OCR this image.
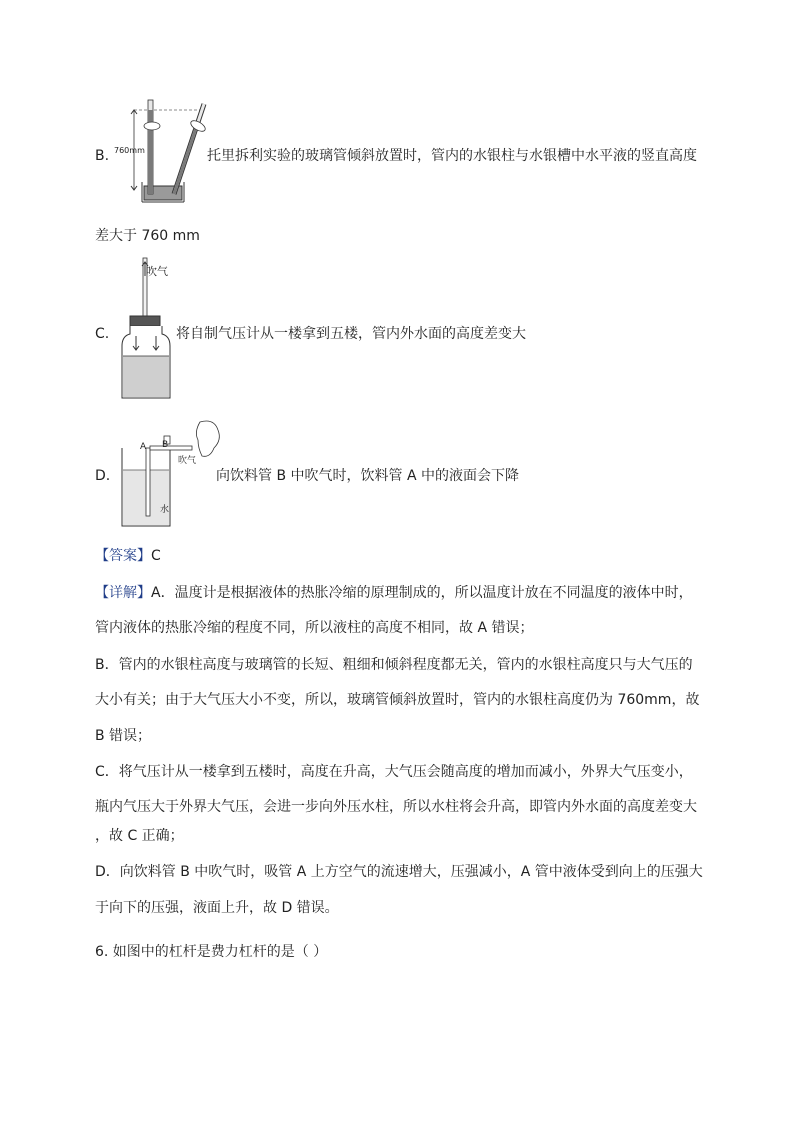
B. 760mm	托里拆利实验的玻璃管倾斜放置时，管内的水银柱与水银槽中水平液的竖直高度
差大于 760 mm
C.
吹气
将自制气压计从一楼拿到五楼，管内外水面的高度差变大
D.
A B
吹气
水
向饮料管 B 中吹气时，饮料管 A 中的液面会下降
【答案】C
【详解】A．温度计是根据液体的热胀冷缩的原理制成的，所以温度计放在不同温度的液体中时，
管内液体的热胀冷缩的程度不同，所以液柱的高度不相同，故 A 错误；
B．管内的水银柱高度与玻璃管的长短、粗细和倾斜程度都无关，管内的水银柱高度只与大气压的
大小有关；由于大气压大小不变，所以，玻璃管倾斜放置时，管内的水银柱高度仍为 760mm，故
B 错误；
C．将气压计从一楼拿到五楼时，高度在升高，大气压会随高度的增加而减小，外界大气压变小，
瓶内气压大于外界大气压，会进一步向外压水柱，所以水柱将会升高，即管内外水面的高度差变大
，故 C 正确；
D．向饮料管 B 中吹气时，吸管 A 上方空气的流速增大，压强减小，A 管中液体受到向上的压强大
于向下的压强，液面上升，故 D 错误。
6. 如图中的杠杆是费力杠杆的是（ ）
